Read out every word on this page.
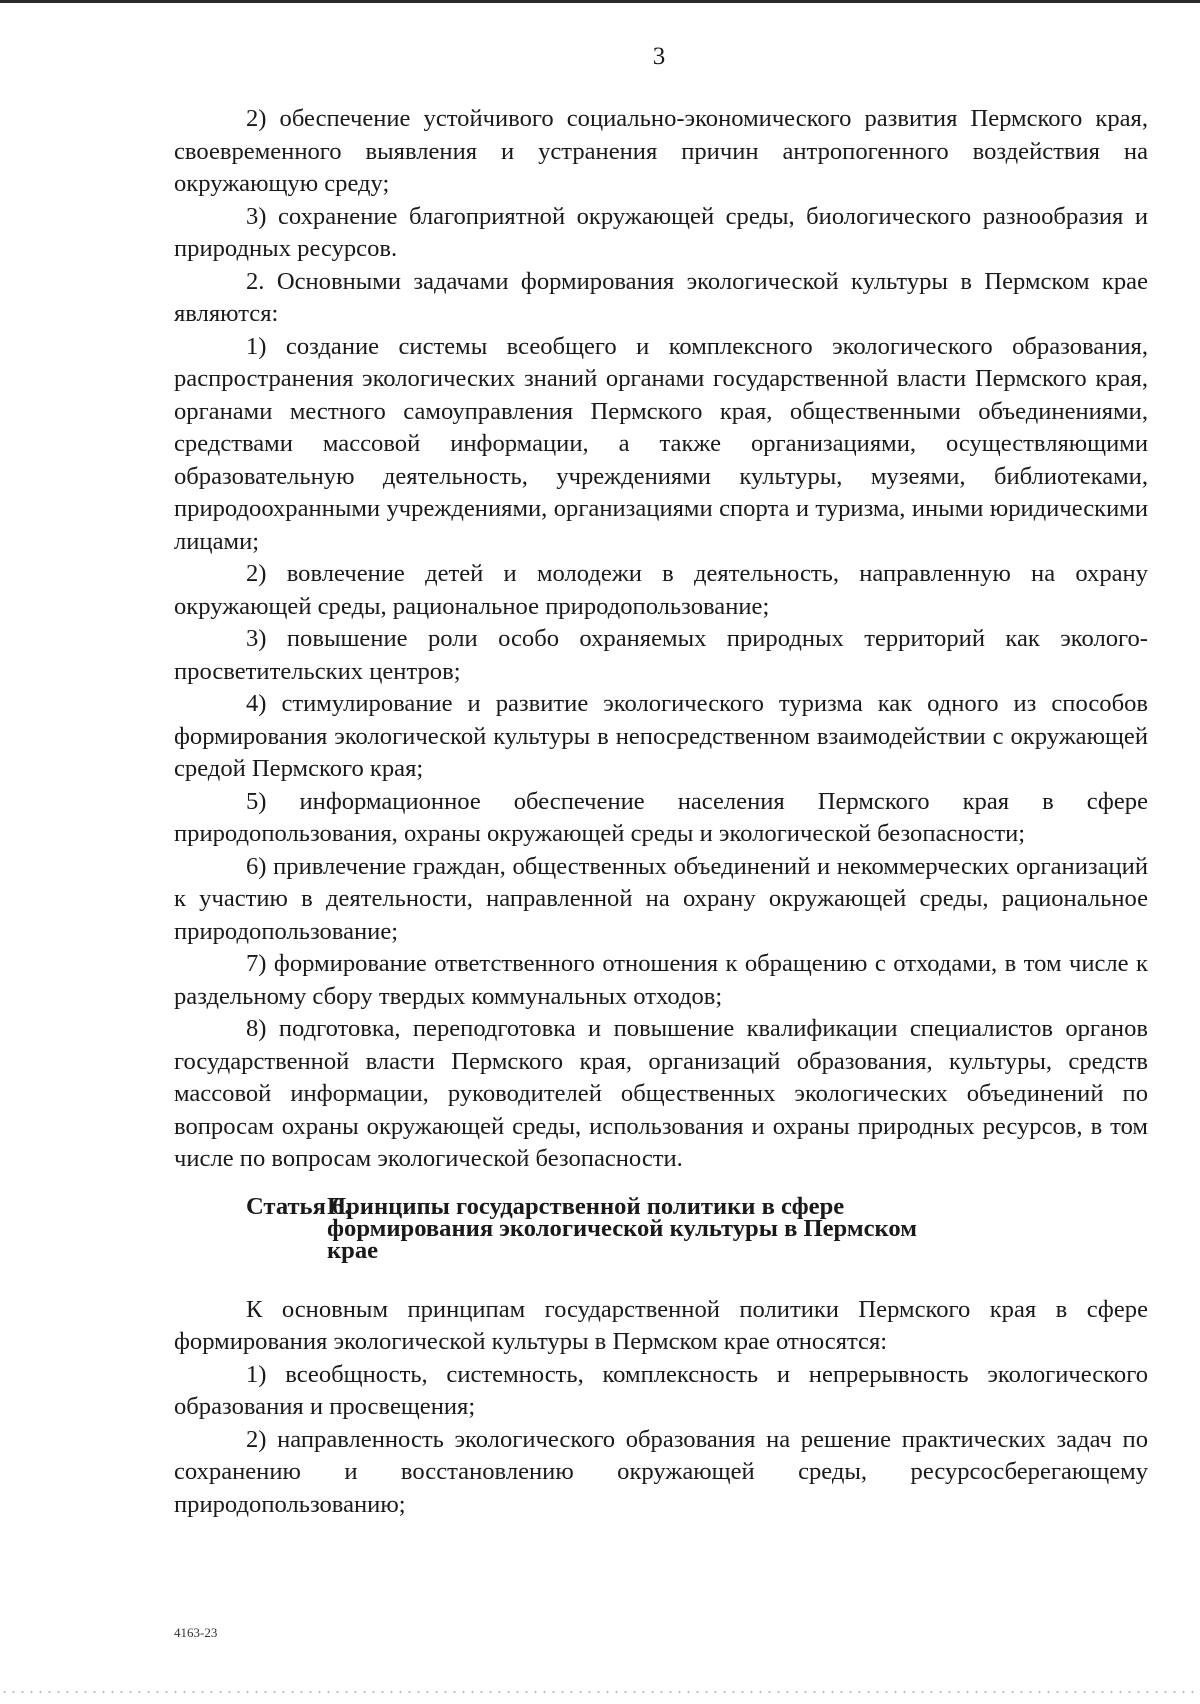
3

2) обеспечение устойчивого социально-экономического развития Пермского края, своевременного выявления и устранения причин антропогенного воздействия на окружающую среду;

3) сохранение благоприятной окружающей среды, биологического разнообразия и природных ресурсов.

2. Основными задачами формирования экологической культуры в Пермском крае являются:

1) создание системы всеобщего и комплексного экологического образования, распространения экологических знаний органами государственной власти Пермского края, органами местного самоуправления Пермского края, общественными объединениями, средствами массовой информации, а также организациями, осуществляющими образовательную деятельность, учреждениями культуры, музеями, библиотеками, природоохранными учреждениями, организациями спорта и туризма, иными юридическими лицами;

2) вовлечение детей и молодежи в деятельность, направленную на охрану окружающей среды, рациональное природопользование;

3) повышение роли особо охраняемых природных территорий как эколого-просветительских центров;

4) стимулирование и развитие экологического туризма как одного из способов формирования экологической культуры в непосредственном взаимодействии с окружающей средой Пермского края;

5) информационное обеспечение населения Пермского края в сфере природопользования, охраны окружающей среды и экологической безопасности;

6) привлечение граждан, общественных объединений и некоммерческих организаций к участию в деятельности, направленной на охрану окружающей среды, рациональное природопользование;

7) формирование ответственного отношения к обращению с отходами, в том числе к раздельному сбору твердых коммунальных отходов;

8) подготовка, переподготовка и повышение квалификации специалистов органов государственной власти Пермского края, организаций образования, культуры, средств массовой информации, руководителей общественных экологических объединений по вопросам охраны окружающей среды, использования и охраны природных ресурсов, в том числе по вопросам экологической безопасности.

Статья 6.
Принципы государственной политики в сфере формирования экологической культуры в Пермском крае

К основным принципам государственной политики Пермского края в сфере формирования экологической культуры в Пермском крае относятся:

1) всеобщность, системность, комплексность и непрерывность экологического образования и просвещения;

2) направленность экологического образования на решение практических задач по сохранению и восстановлению окружающей среды, ресурсосберегающему природопользованию;

4163-23
